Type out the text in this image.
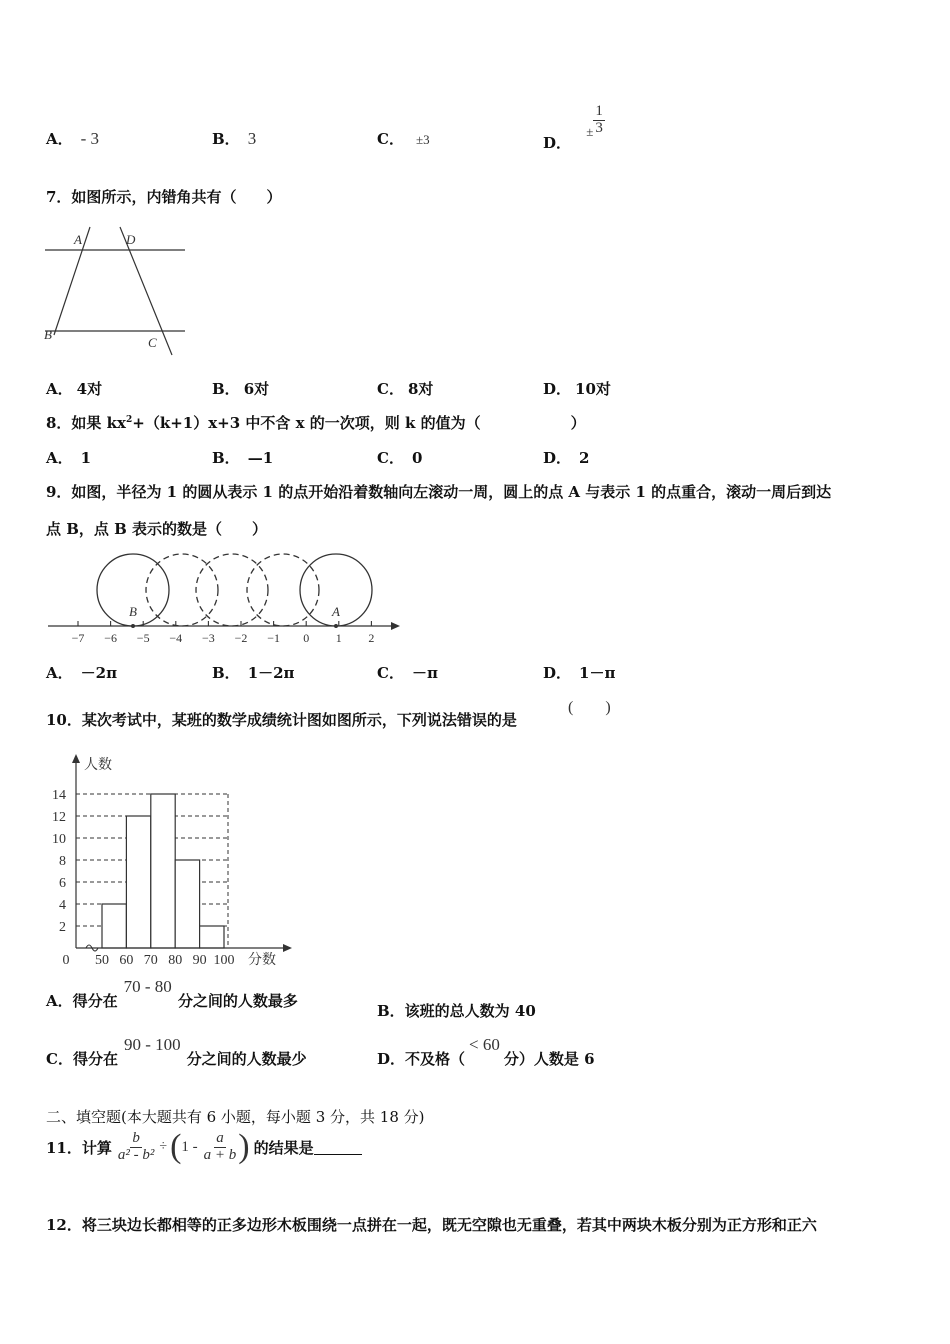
A． - 3	B． 3	C． ±3	D． ± $\frac{1}{3}$
7．如图所示，内错角共有（　　）
A	D
B
C
A． 4对	B． 6对	C． 8对	D． 10对
8．如果 $kx^2+(k+1)x+3$ 中不含 x 的一次项，则 k 的值为（　　　　　　）
A． 1	B． —1	C． 0	D． 2
9．如图，半径为 1 的圆从表示 1 的点开始沿着数轴向左滚动一周，圆上的点 A 与表示 1 的点重合，滚动一周后到达
点 B，点 B 表示的数是（　　）
−7 −6 −5 −4 −3 −2 −1 0 1 2
B	A
A． －2π	B． 1－2π	C． －π	D． 1－π
10．某次考试中，某班的数学成绩统计图如图所示，下列说法错误的是
(　　)
2
4
6
8
10
12
14
0 50 60 70 80 90 100
人数
分数
A．得分在70 - 80分之间的人数最多
B．该班的总人数为 40
C．得分在90 - 100分之间的人数最少	D．不及格（< 60分）人数是 6
二、填空题(本大题共有 6 小题，每小题 3 分，共 18 分)
11．计算 $\frac{b}{\text{a² - b²}}$ ÷ ( $1 - \frac{a}{a + b}$ ) 的结果是
12．将三块边长都相等的正多边形木板围绕一点拼在一起，既无空隙也无重叠，若其中两块木板分别为正方形和正六
